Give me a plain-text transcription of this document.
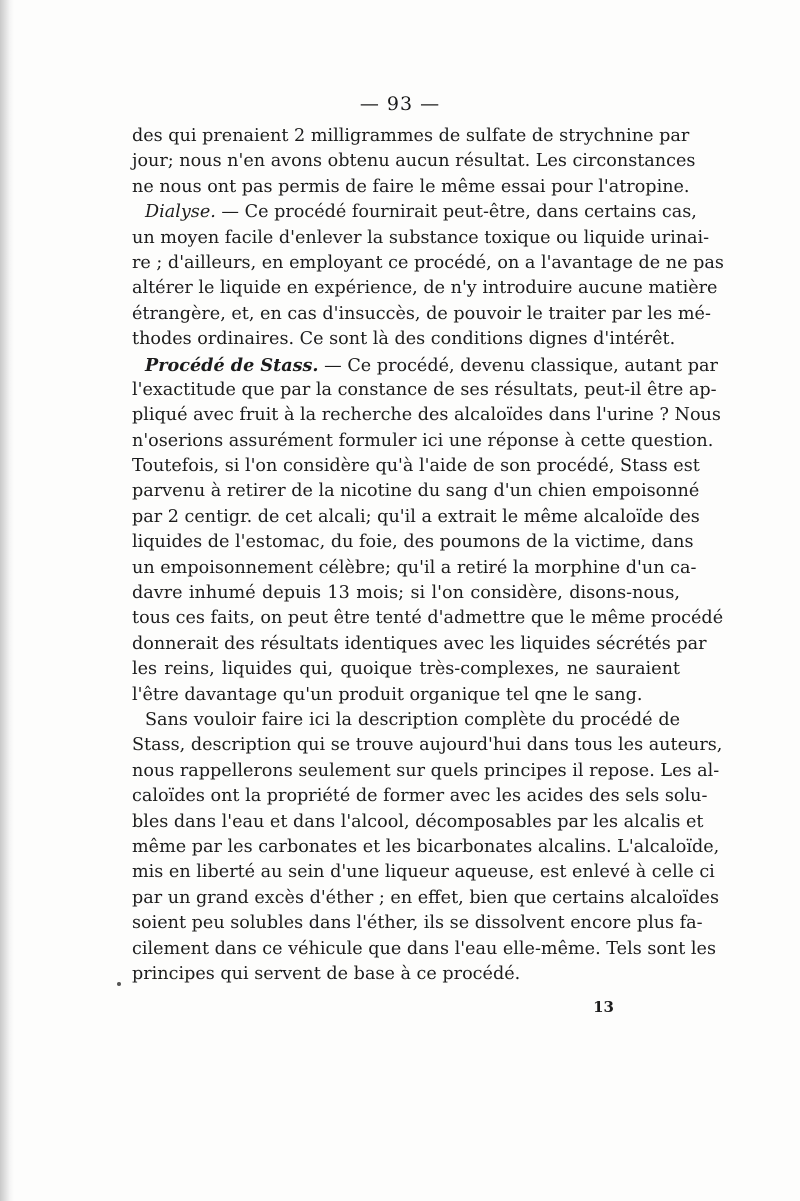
— 93 —

des qui prenaient 2 milligrammes de sulfate de strychnine par
jour; nous n'en avons obtenu aucun résultat. Les circonstances
ne nous ont pas permis de faire le même essai pour l'atropine.

Dialyse. — Ce procédé fournirait peut-être, dans certains cas,
un moyen facile d'enlever la substance toxique ou liquide urinai-
re ; d'ailleurs, en employant ce procédé, on a l'avantage de ne pas
altérer le liquide en expérience, de n'y introduire aucune matière
étrangère, et, en cas d'insuccès, de pouvoir le traiter par les mé-
thodes ordinaires. Ce sont là des conditions dignes d'intérêt.

Procédé de Stass. — Ce procédé, devenu classique, autant par
l'exactitude que par la constance de ses résultats, peut-il être ap-
pliqué avec fruit à la recherche des alcaloïdes dans l'urine ? Nous
n'oserions assurément formuler ici une réponse à cette question.
Toutefois, si l'on considère qu'à l'aide de son procédé, Stass est
parvenu à retirer de la nicotine du sang d'un chien empoisonné
par 2 centigr. de cet alcali; qu'il a extrait le même alcaloïde des
liquides de l'estomac, du foie, des poumons de la victime, dans
un empoisonnement célèbre; qu'il a retiré la morphine d'un ca-
davre inhumé depuis 13 mois; si l'on considère, disons-nous,
tous ces faits, on peut être tenté d'admettre que le même procédé
donnerait des résultats identiques avec les liquides sécrétés par
les reins, liquides qui, quoique très-complexes, ne sauraient
l'être davantage qu'un produit organique tel qne le sang.

Sans vouloir faire ici la description complète du procédé de
Stass, description qui se trouve aujourd'hui dans tous les auteurs,
nous rappellerons seulement sur quels principes il repose. Les al-
caloïdes ont la propriété de former avec les acides des sels solu-
bles dans l'eau et dans l'alcool, décomposables par les alcalis et
même par les carbonates et les bicarbonates alcalins. L'alcaloïde,
mis en liberté au sein d'une liqueur aqueuse, est enlevé à celle ci
par un grand excès d'éther ; en effet, bien que certains alcaloïdes
soient peu solubles dans l'éther, ils se dissolvent encore plus fa-
cilement dans ce véhicule que dans l'eau elle-même. Tels sont les
principes qui servent de base à ce procédé.

13
